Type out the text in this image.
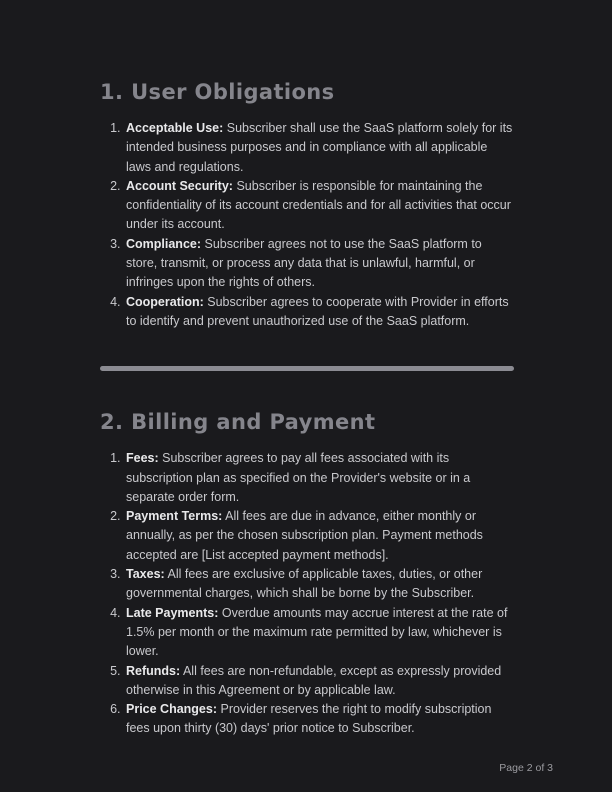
1. User Obligations
1. Acceptable Use: Subscriber shall use the SaaS platform solely for its intended business purposes and in compliance with all applicable laws and regulations.
2. Account Security: Subscriber is responsible for maintaining the confidentiality of its account credentials and for all activities that occur under its account.
3. Compliance: Subscriber agrees not to use the SaaS platform to store, transmit, or process any data that is unlawful, harmful, or infringes upon the rights of others.
4. Cooperation: Subscriber agrees to cooperate with Provider in efforts to identify and prevent unauthorized use of the SaaS platform.
2. Billing and Payment
1. Fees: Subscriber agrees to pay all fees associated with its subscription plan as specified on the Provider's website or in a separate order form.
2. Payment Terms: All fees are due in advance, either monthly or annually, as per the chosen subscription plan. Payment methods accepted are [List accepted payment methods].
3. Taxes: All fees are exclusive of applicable taxes, duties, or other governmental charges, which shall be borne by the Subscriber.
4. Late Payments: Overdue amounts may accrue interest at the rate of 1.5% per month or the maximum rate permitted by law, whichever is lower.
5. Refunds: All fees are non-refundable, except as expressly provided otherwise in this Agreement or by applicable law.
6. Price Changes: Provider reserves the right to modify subscription fees upon thirty (30) days' prior notice to Subscriber.
Page 2 of 3
